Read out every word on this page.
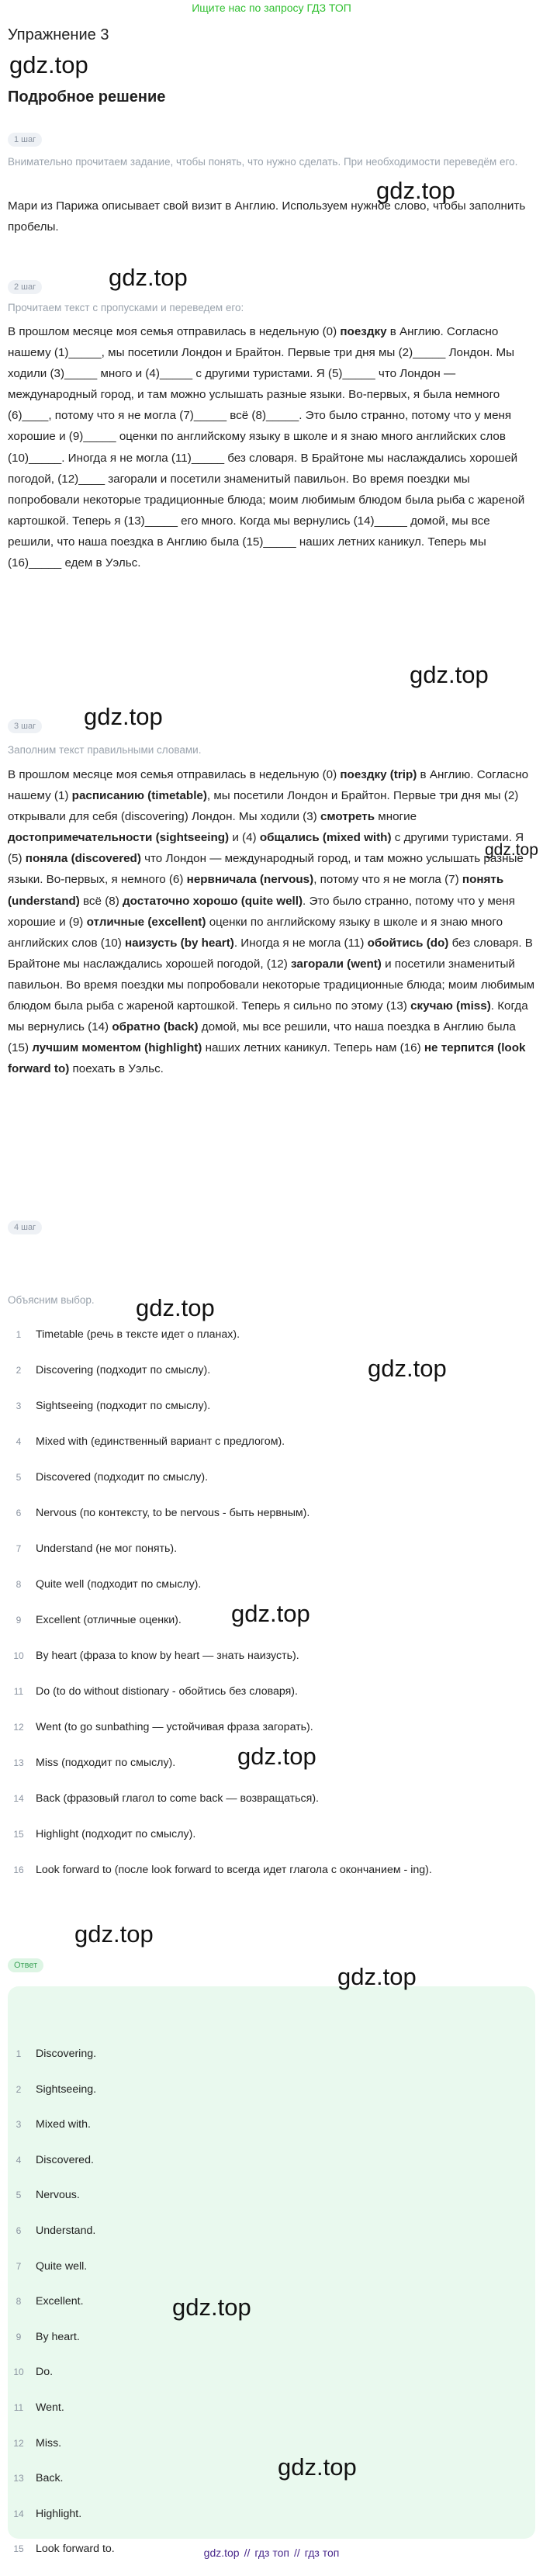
Ищите нас по запросу ГДЗ ТОП
Упражнение 3
gdz.top
Подробное решение
1 шаг
Внимательно прочитаем задание, чтобы понять, что нужно сделать. При необходимости переведём его.
Мари из Парижа описывает свой визит в Англию. Используем нужное слово, чтобы заполнить пробелы.
gdz.top
gdz.top
2 шаг
Прочитаем текст с пропусками и переведем его:
В прошлом месяце моя семья отправилась в недельную (0) поездку в Англию. Согласно нашему (1)_____, мы посетили Лондон и Брайтон. Первые три дня мы (2)_____ Лондон. Мы ходили (3)_____ много и (4)_____ с другими туристами. Я (5)_____ что Лондон — международный город, и там можно услышать разные языки. Во-первых, я была немного (6)____, потому что я не могла (7)_____ всё (8)_____. Это было странно, потому что у меня хорошие и (9)_____ оценки по английскому языку в школе и я знаю много английских слов (10)_____. Иногда я не могла (11)_____ без словаря. В Брайтоне мы наслаждались хорошей погодой, (12)____ загорали и посетили знаменитый павильон. Во время поездки мы попробовали некоторые традиционные блюда; моим любимым блюдом была рыба с жареной картошкой. Теперь я (13)_____ его много. Когда мы вернулись (14)_____ домой, мы все решили, что наша поездка в Англию была (15)_____ наших летних каникул. Теперь мы (16)_____ едем в Уэльс.
gdz.top
gdz.top
3 шаг
Заполним текст правильными словами.
В прошлом месяце моя семья отправилась в недельную (0) поездку (trip) в Англию. Согласно нашему (1) расписанию (timetable), мы посетили Лондон и Брайтон. Первые три дня мы (2) открывали для себя (discovering) Лондон. Мы ходили (3) смотреть многие достопримечательности (sightseeing) и (4) общались (mixed with) с другими туристами. Я (5) поняла (discovered) что Лондон — международный город, и там можно услышать разные языки. Во-первых, я немного (6) нервничала (nervous), потому что я не могла (7) понять (understand) всё (8) достаточно хорошо (quite well). Это было странно, потому что у меня хорошие и (9) отличные (excellent) оценки по английскому языку в школе и я знаю много английских слов (10) наизусть (by heart). Иногда я не могла (11) обойтись (do) без словаря. В Брайтоне мы наслаждались хорошей погодой, (12) загорали (went) и посетили знаменитый павильон. Во время поездки мы попробовали некоторые традиционные блюда; моим любимым блюдом была рыба с жареной картошкой. Теперь я сильно по этому (13) скучаю (miss). Когда мы вернулись (14) обратно (back) домой, мы все решили, что наша поездка в Англию была (15) лучшим моментом (highlight) наших летних каникул. Теперь нам (16) не терпится (look forward to) поехать в Уэльс.
gdz.top
4 шаг
Объясним выбор.	gdz.top
1	Timetable (речь в тексте идет о планах).
2	Discovering (подходит по смыслу).
3	Sightseeing (подходит по смыслу).
4	Mixed with (единственный вариант с предлогом).
5	Discovered (подходит по смыслу).
6	Nervous (по контексту, to be nervous - быть нервным).
7	Understand (не мог понять).
8	Quite well (подходит по смыслу).
9	Excellent (отличные оценки).
10 By heart (фраза to know by heart — знать наизусть).
11 Do (to do without distionary - обойтись без словаря).
12 Went (to go sunbathing — устойчивая фраза загорать).
13 Miss (подходит по смыслу).
14 Back (фразовый глагол to come back — возвращаться).
15 Highlight (подходит по смыслу).
16 Look forward to (после look forward to всегда идет глагола с окончанием - ing).
gdz.top
gdz.top
gdz.top
gdz.top
Ответ	gdz.top
1	Discovering.
2	Sightseeing.
3	Mixed with.
4	Discovered.
5	Nervous.
6	Understand.
7	Quite well.
8	Excellent.
9	By heart.
10 Do.
11 Went.
12 Miss.
13 Back.
14 Highlight.
15 Look forward to.
gdz.top
gdz.top
gdz.top // гдз топ // гдз топ
